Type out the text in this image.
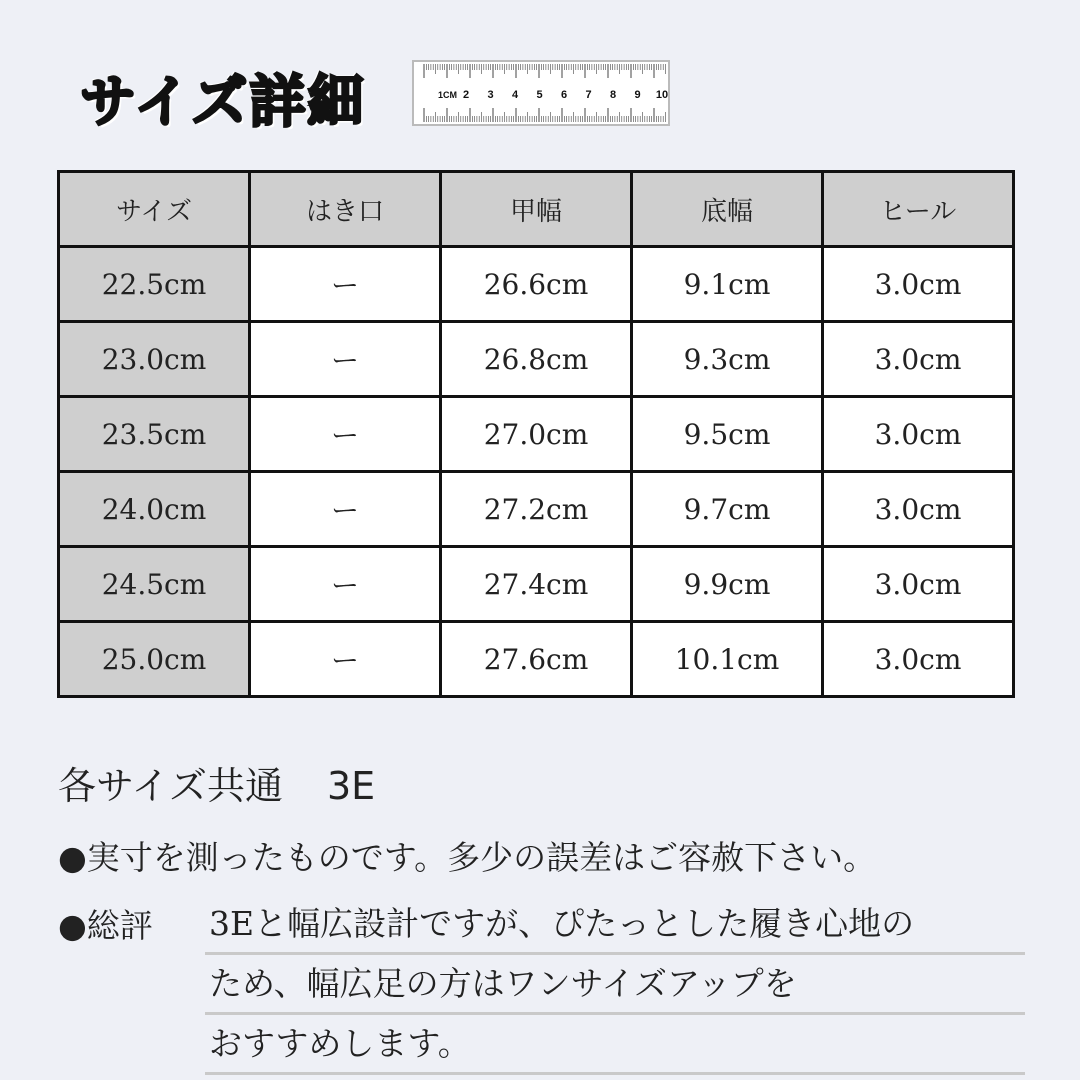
サイズ詳細	1CM 2 3 4 5 6 7 8 9 10
サイズ	はき口	甲幅	底幅	ヒール
22.5cm	ー	26.6cm	9.1cm	3.0cm
23.0cm	ー	26.8cm	9.3cm	3.0cm
23.5cm	ー	27.0cm	9.5cm	3.0cm
24.0cm	ー	27.2cm	9.7cm	3.0cm
24.5cm	ー	27.4cm	9.9cm	3.0cm
25.0cm	ー	27.6cm	10.1cm	3.0cm
各サイズ共通 3E
●実寸を測ったものです。多少の誤差はご容赦下さい。
●総評 3Eと幅広設計ですが、ぴたっとした履き心地の
ため、幅広足の方はワンサイズアップを
おすすめします。
